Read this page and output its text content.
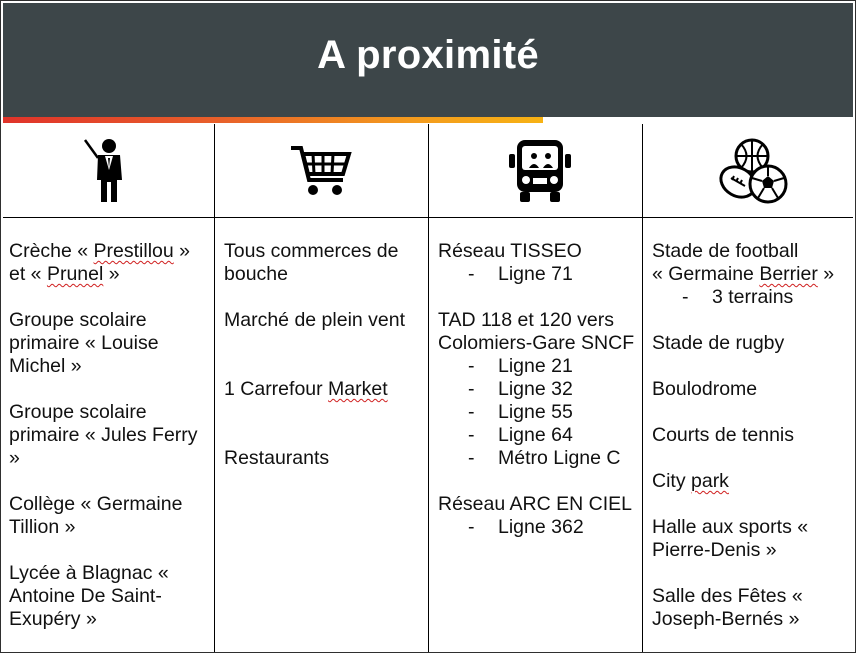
A proximité

Crèche « Prestillou »
et « Prunel »

Groupe scolaire primaire « Louise Michel »

Groupe scolaire primaire « Jules Ferry »

Collège « Germaine Tillion »

Lycée à Blagnac « Antoine De Saint-Exupéry »

Tous commerces de bouche

Marché de plein vent

1 Carrefour Market

Restaurants

Réseau TISSEO
- Ligne 71

TAD 118 et 120 vers Colomiers-Gare SNCF
- Ligne 21
- Ligne 32
- Ligne 55
- Ligne 64
- Métro Ligne C

Réseau ARC EN CIEL
- Ligne 362

Stade de football
« Germaine Berrier »
- 3 terrains

Stade de rugby

Boulodrome

Courts de tennis

City park

Halle aux sports « Pierre-Denis »

Salle des Fêtes « Joseph-Bernés »
